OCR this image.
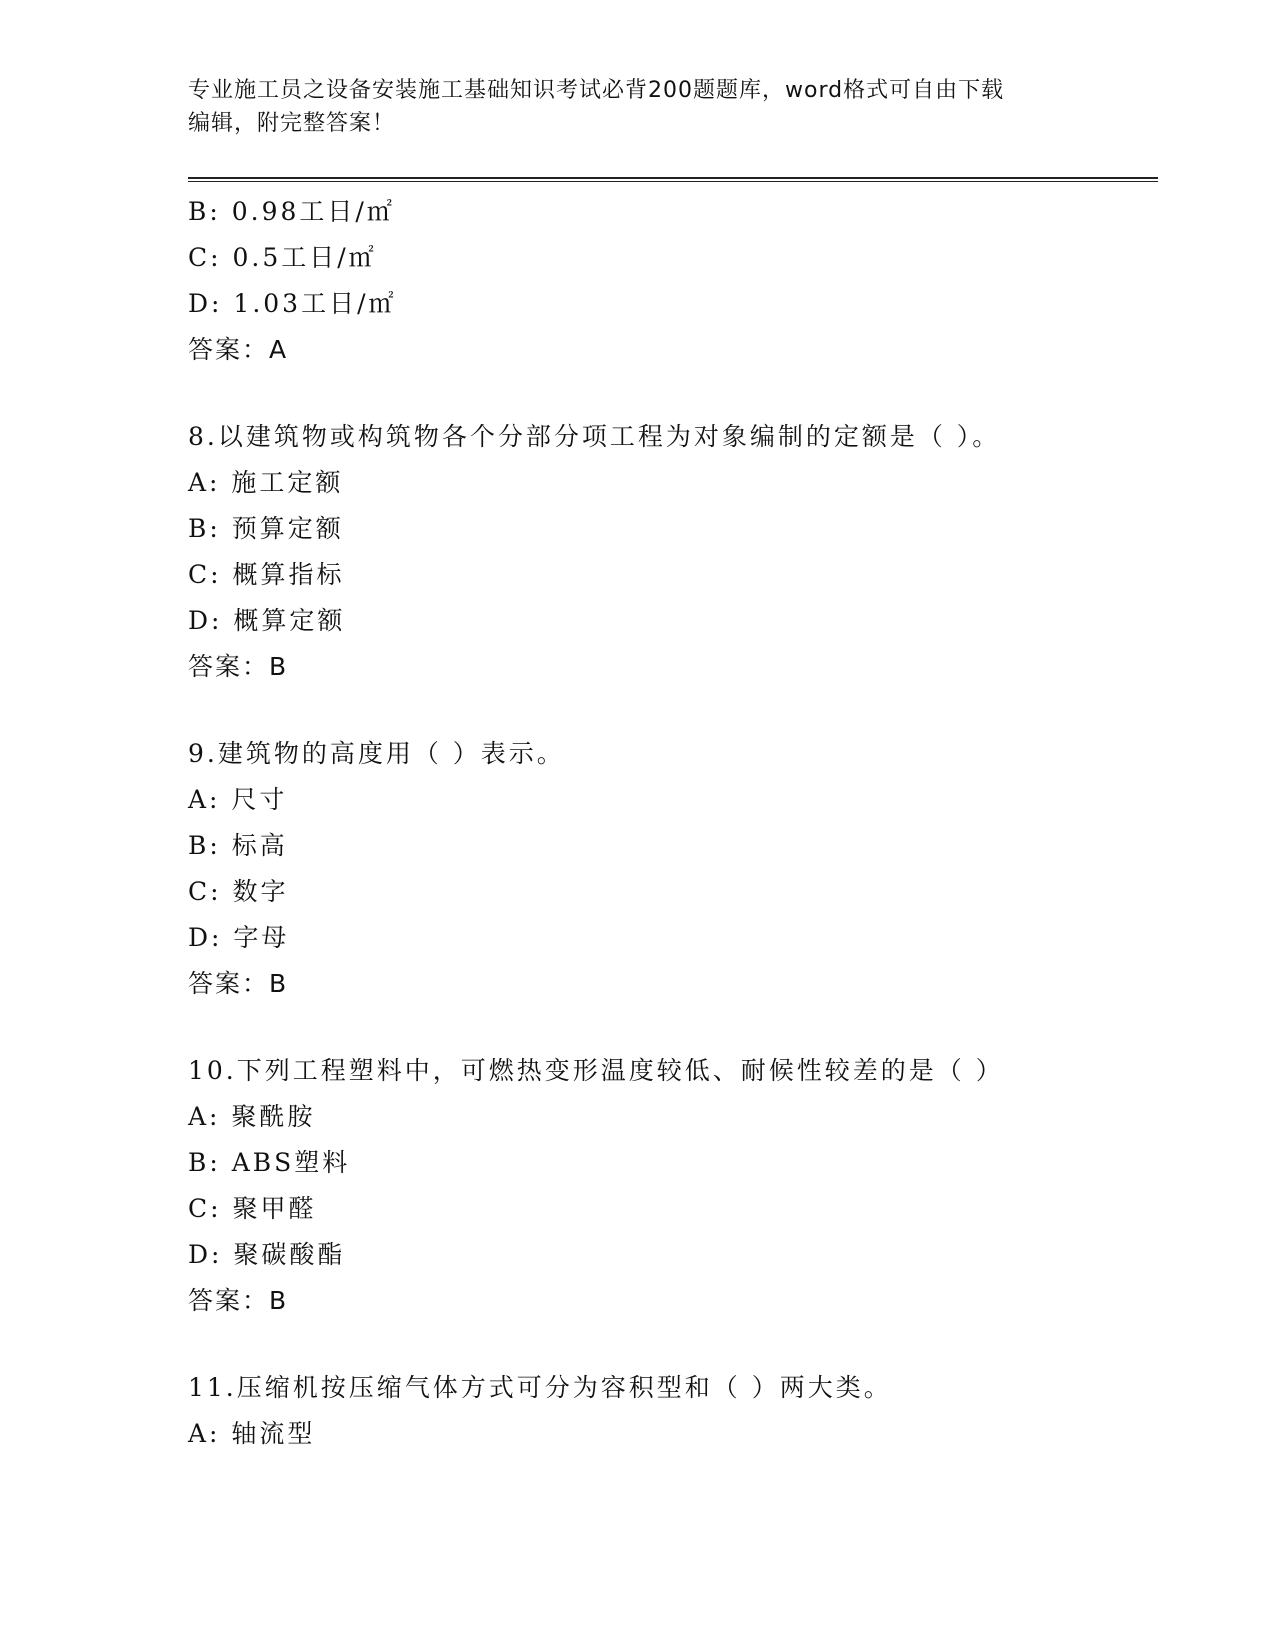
专业施工员之设备安装施工基础知识考试必背200题题库，word格式可自由下载
编辑，附完整答案！
B: 0.98工日/㎡
C: 0.5工日/㎡
D: 1.03工日/㎡
答案：A
8.以建筑物或构筑物各个分部分项工程为对象编制的定额是（ ）。
A: 施工定额
B: 预算定额
C: 概算指标
D: 概算定额
答案：B
9.建筑物的高度用（ ）表示。
A: 尺寸
B: 标高
C: 数字
D: 字母
答案：B
10.下列工程塑料中，可燃热变形温度较低、耐候性较差的是（ ）
A: 聚酰胺
B: ABS塑料
C: 聚甲醛
D: 聚碳酸酯
答案：B
11.压缩机按压缩气体方式可分为容积型和（ ）两大类。
A: 轴流型
